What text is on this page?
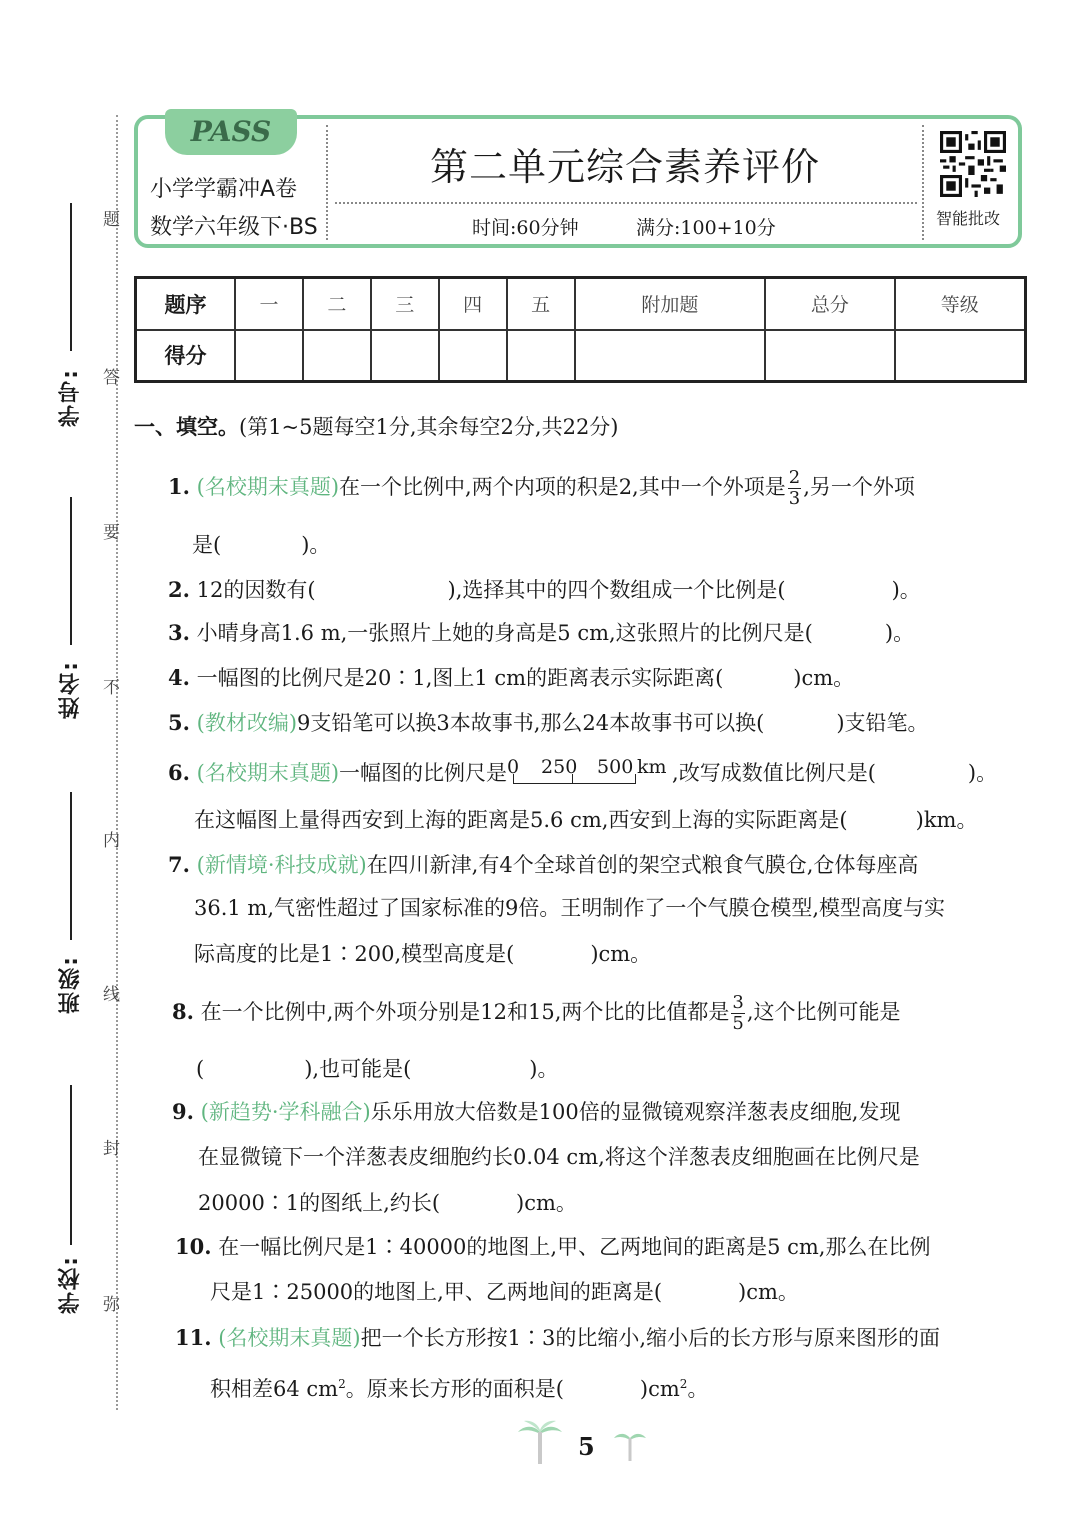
题
答
要
不
内
线
封
弥
学号:
姓名:
班级:
学校:
PASS
小学学霸冲A卷
数学六年级下·BS
第二单元综合素养评价
时间:60分钟	满分:100+10分	智能批改
题序	一	二	三	四	五	附加题	总分	等级
得分								
一、填空。(第1~5题每空1分,其余每空2分,共22分)
1. (名校期末真题)在一个比例中,两个内项的积是2,其中一个外项是 $\frac{2}{3}$ ,另一个外项
是(	)。
2. 12的因数有(	),选择其中的四个数组成一个比例是(	)。
3. 小晴身高1.6 m,一张照片上她的身高是5 cm,这张照片的比例尺是(	)。
4. 一幅图的比例尺是20∶1,图上1 cm的距离表示实际距离(	)cm。
5. (教材改编)9支铅笔可以换3本故事书,那么24本故事书可以换(	)支铅笔。
6. (名校期末真题)一幅图的比例尺是 0 250 500 km ,改写成数值比例尺是(	)。
在这幅图上量得西安到上海的距离是5.6 cm,西安到上海的实际距离是(	)km。
7. (新情境·科技成就)在四川新津,有4个全球首创的架空式粮食气膜仓,仓体每座高
36.1 m,气密性超过了国家标准的9倍。王明制作了一个气膜仓模型,模型高度与实
际高度的比是1∶200,模型高度是(	)cm。
8. 在一个比例中,两个外项分别是12和15,两个比的比值都是 $\frac{3}{5}$ ,这个比例可能是
(	),也可能是(	)。
9. (新趋势·学科融合)乐乐用放大倍数是100倍的显微镜观察洋葱表皮细胞,发现
在显微镜下一个洋葱表皮细胞约长0.04 cm,将这个洋葱表皮细胞画在比例尺是
20000∶1的图纸上,约长(	)cm。
10. 在一幅比例尺是1∶40000的地图上,甲、乙两地间的距离是5 cm,那么在比例
尺是1∶25000的地图上,甲、乙两地间的距离是(	)cm。
11. (名校期末真题)把一个长方形按1∶3的比缩小,缩小后的长方形与原来图形的面
积相差64 $cm^2$。原来长方形的面积是(	)$cm^2$。
5
